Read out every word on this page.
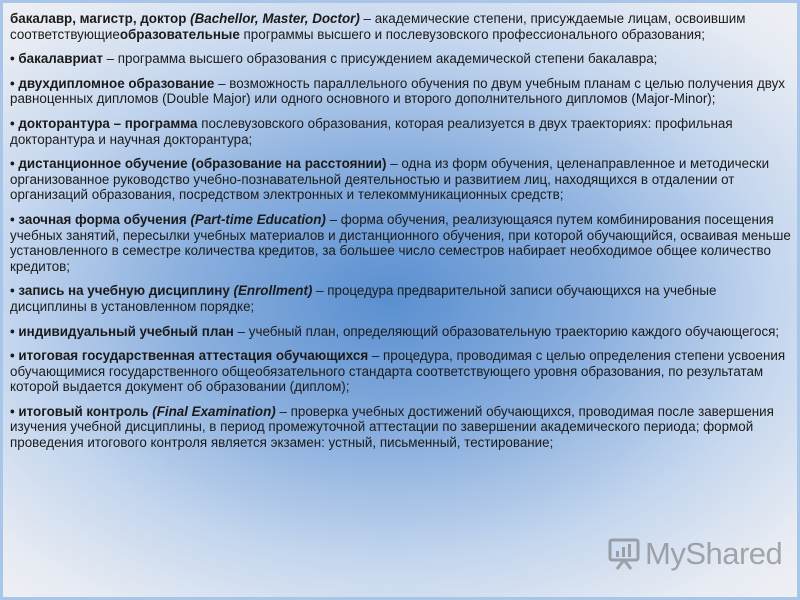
бакалавр, магистр, доктор (Bachellor, Master, Doctor) – академические степени, присуждаемые лицам, освоившим соответствующиеобразовательные программы высшего и послевузовского профессионального образования;

• бакалавриат – программа высшего образования с присуждением академической степени бакалавра;

• двухдипломное образование – возможность параллельного обучения по двум учебным планам с целью получения двух равноценных дипломов (Double Major) или одного основного и второго дополнительного дипломов (Major-Minor);

• докторантура – программа послевузовского образования, которая реализуется в двух траекториях: профильная докторантура и научная докторантура;

• дистанционное обучение (образование на расстоянии) – одна из форм обучения, целенаправленное и методически организованное руководство учебно-познавательной деятельностью и развитием лиц, находящихся в отдалении от организаций образования, посредством электронных и телекоммуникационных средств;

• заочная форма обучения (Part-time Education) – форма обучения, реализующаяся путем комбинирования посещения учебных занятий, пересылки учебных материалов и дистанционного обучения, при которой обучающийся, осваивая меньше установленного в семестре количества кредитов, за большее число семестров набирает необходимое общее количество кредитов;

• запись на учебную дисциплину (Enrollment) – процедура предварительной записи обучающихся на учебные дисциплины в установленном порядке;

• индивидуальный учебный план – учебный план, определяющий образовательную траекторию каждого обучающегося;

• итоговая государственная аттестация обучающихся – процедура, проводимая с целью определения степени усвоения обучающимися государственного общеобязательного стандарта соответствующего уровня образования, по результатам которой выдается документ об образовании (диплом);

• итоговый контроль (Final Examination) – проверка учебных достижений обучающихся, проводимая после завершения изучения учебной дисциплины, в период промежуточной аттестации по завершении академического периода; формой проведения итогового контроля является экзамен: устный, письменный, тестирование;

MyShared
